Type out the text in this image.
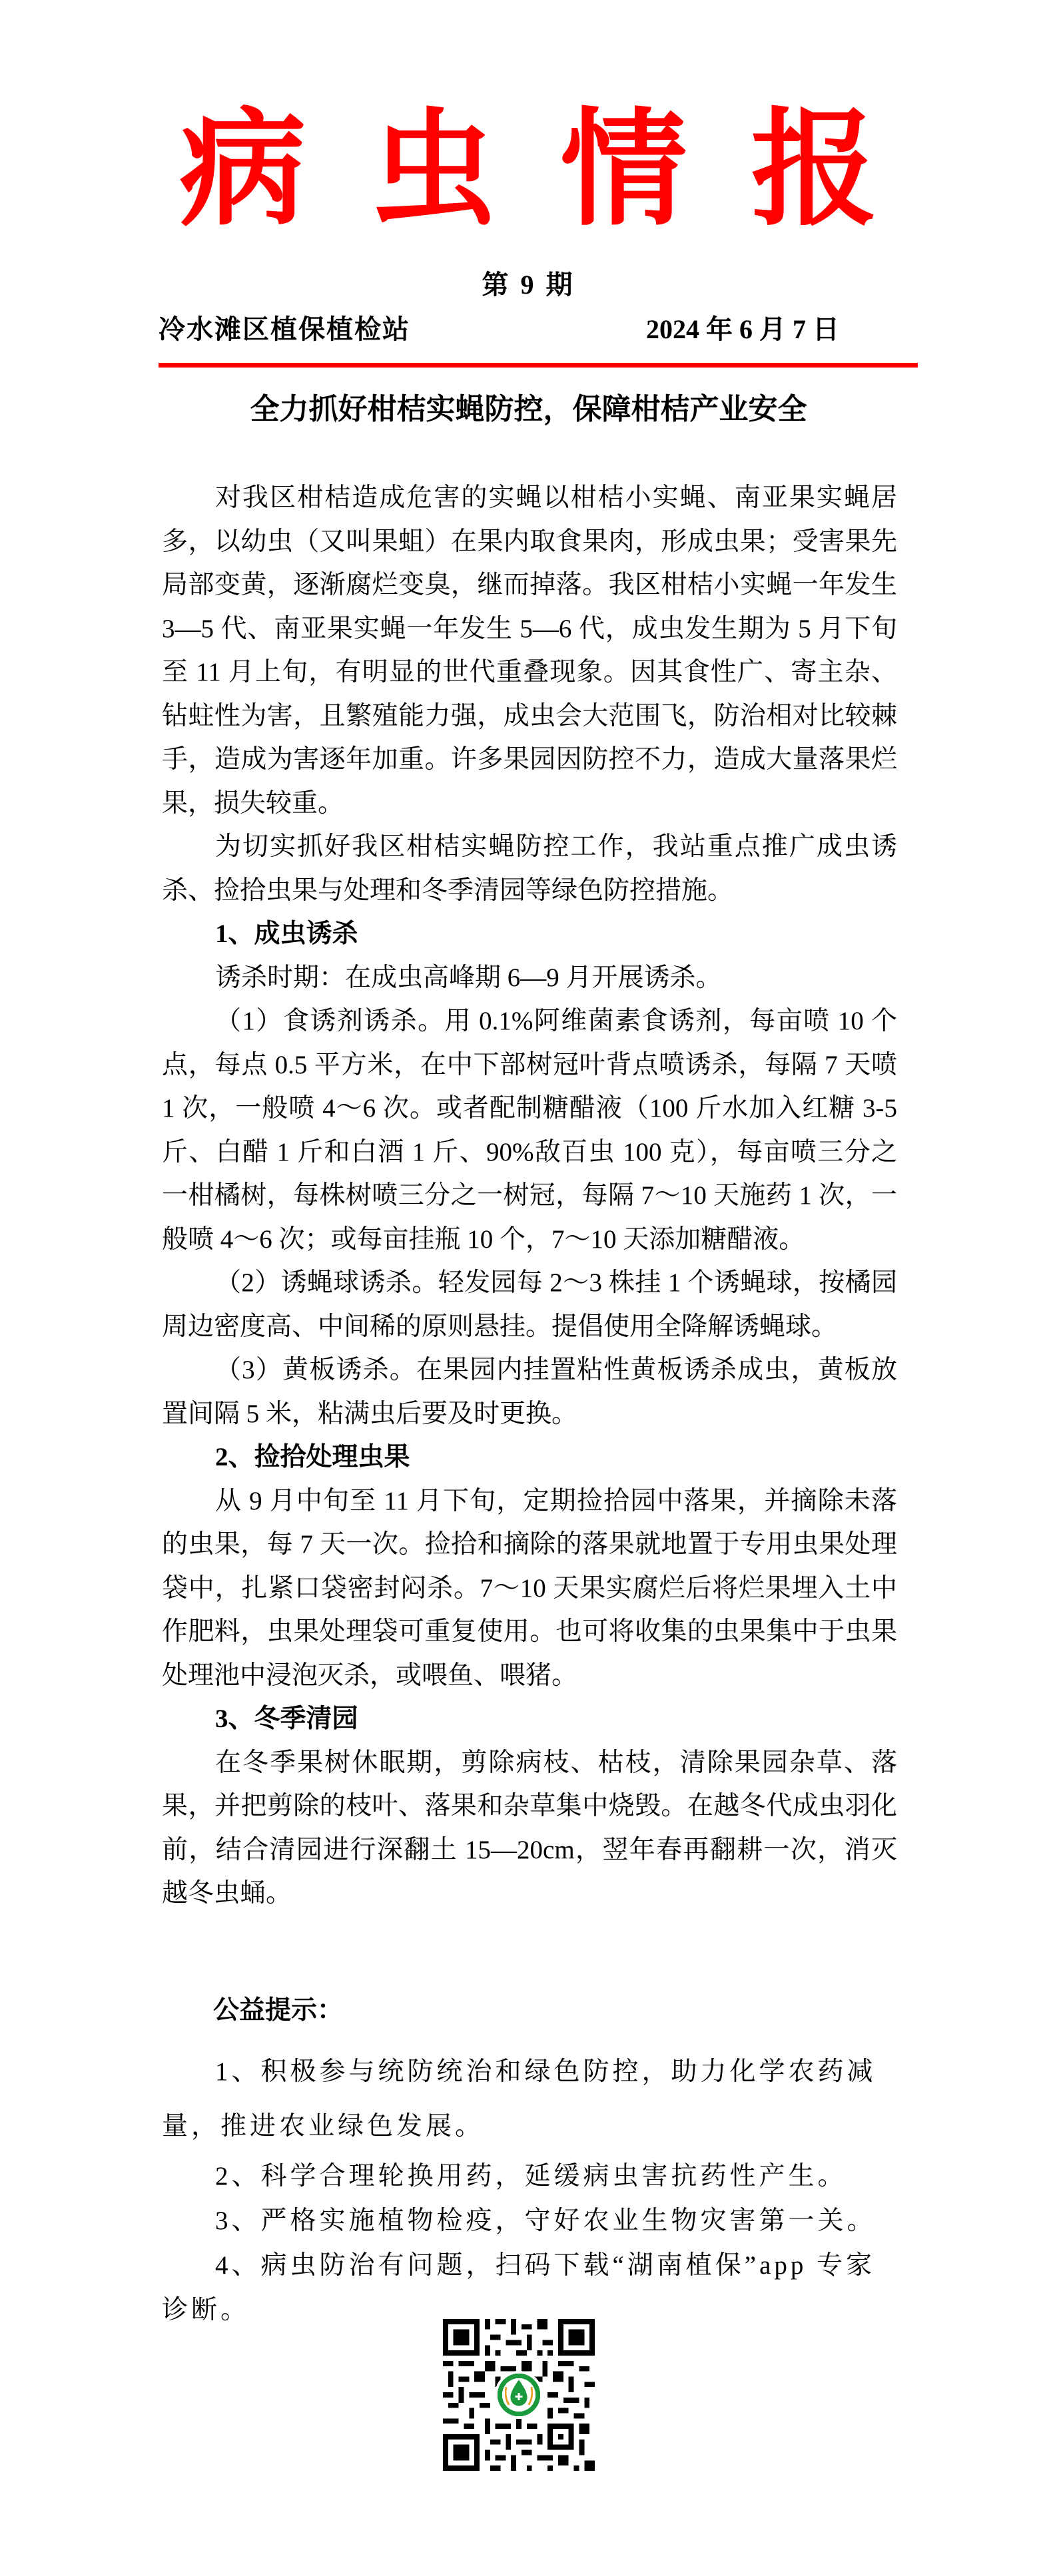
病 虫 情 报
第 9 期
冷水滩区植保植检站	2024 年 6 月 7 日
全力抓好柑桔实蝇防控，保障柑桔产业安全

对我区柑桔造成危害的实蝇以柑桔小实蝇、南亚果实蝇居多，以幼虫（又叫果蛆）在果内取食果肉，形成虫果；受害果先局部变黄，逐渐腐烂变臭，继而掉落。我区柑桔小实蝇一年发生 3—5 代、南亚果实蝇一年发生 5—6 代，成虫发生期为 5 月下旬至 11 月上旬，有明显的世代重叠现象。因其食性广、寄主杂、钻蛀性为害，且繁殖能力强，成虫会大范围飞，防治相对比较棘手，造成为害逐年加重。许多果园因防控不力，造成大量落果烂果，损失较重。

为切实抓好我区柑桔实蝇防控工作，我站重点推广成虫诱杀、捡拾虫果与处理和冬季清园等绿色防控措施。

1、成虫诱杀

诱杀时期：在成虫高峰期 6—9 月开展诱杀。

（1）食诱剂诱杀。用 0.1%阿维菌素食诱剂，每亩喷 10 个点，每点 0.5 平方米，在中下部树冠叶背点喷诱杀，每隔 7 天喷 1 次，一般喷 4～6 次。或者配制糖醋液（100 斤水加入红糖 3-5 斤、白醋 1 斤和白酒 1 斤、90%敌百虫 100 克），每亩喷三分之一柑橘树，每株树喷三分之一树冠，每隔 7～10 天施药 1 次，一般喷 4～6 次；或每亩挂瓶 10 个，7～10 天添加糖醋液。

（2）诱蝇球诱杀。轻发园每 2～3 株挂 1 个诱蝇球，按橘园周边密度高、中间稀的原则悬挂。提倡使用全降解诱蝇球。

（3）黄板诱杀。在果园内挂置粘性黄板诱杀成虫，黄板放置间隔 5 米，粘满虫后要及时更换。

2、捡拾处理虫果

从 9 月中旬至 11 月下旬，定期捡拾园中落果，并摘除未落的虫果，每 7 天一次。捡拾和摘除的落果就地置于专用虫果处理袋中，扎紧口袋密封闷杀。7～10 天果实腐烂后将烂果埋入土中作肥料，虫果处理袋可重复使用。也可将收集的虫果集中于虫果处理池中浸泡灭杀，或喂鱼、喂猪。

3、冬季清园

在冬季果树休眠期，剪除病枝、枯枝，清除果园杂草、落果，并把剪除的枝叶、落果和杂草集中烧毁。在越冬代成虫羽化前，结合清园进行深翻土 15—20cm，翌年春再翻耕一次，消灭越冬虫蛹。

公益提示：

1、积极参与统防统治和绿色防控，助力化学农药减量，推进农业绿色发展。

2、科学合理轮换用药，延缓病虫害抗药性产生。

3、严格实施植物检疫，守好农业生物灾害第一关。

4、病虫防治有问题，扫码下载“湖南植保”app 专家诊断。
